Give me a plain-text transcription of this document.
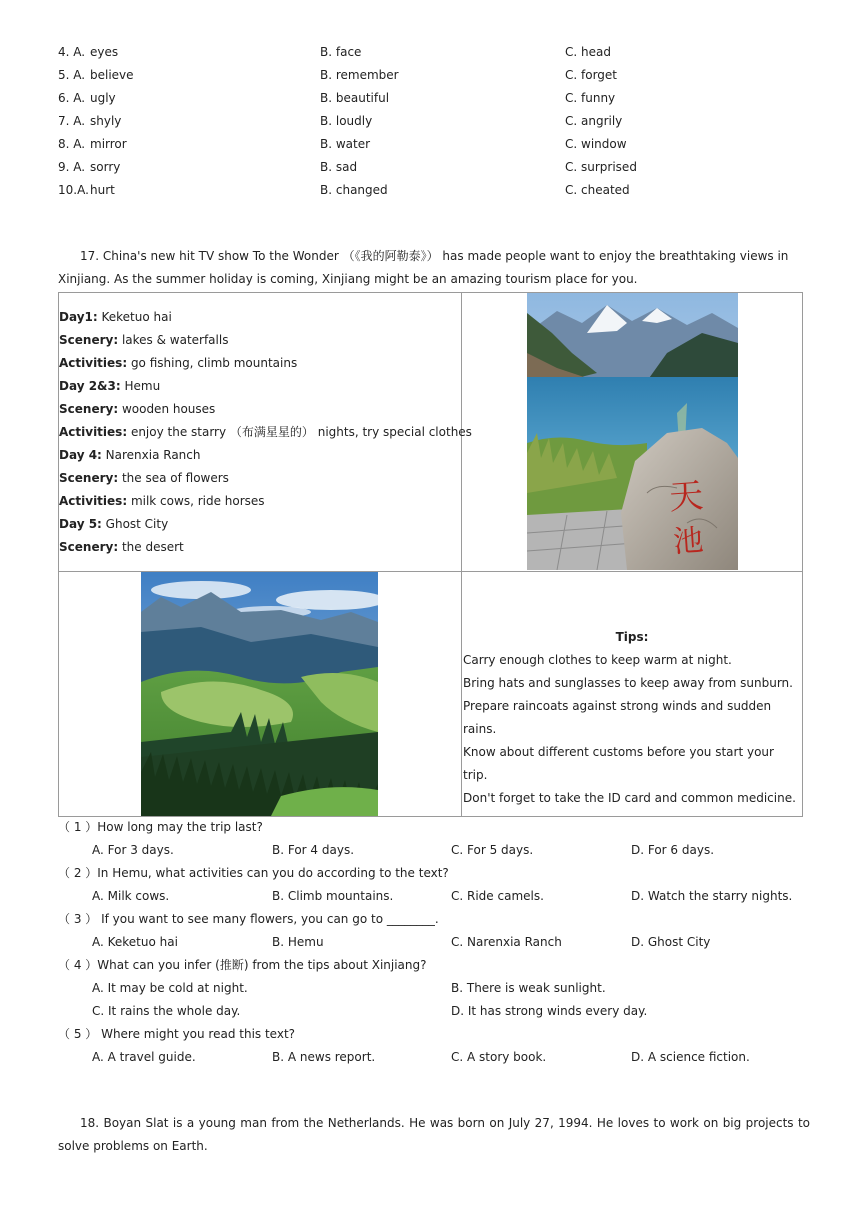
4. A. eyes	B. face	C. head
5. A. believe	B. remember	C. forget
6. A. ugly	B. beautiful	C. funny
7. A. shyly	B. loudly	C. angrily
8. A. mirror	B. water	C. window
9. A. sorry	B. sad	C. surprised
10.A. hurt	B. changed	C. cheated
17. China's new hit TV show To the Wonder （《我的阿勒泰》） has made people want to enjoy the breathtaking views in Xinjiang. As the summer holiday is coming, Xinjiang might be an amazing tourism place for you.
Day1: Keketuo hai
Scenery: lakes & waterfalls
Activities: go fishing, climb mountains
Day 2&3: Hemu
Scenery: wooden houses
Activities: enjoy the starry （布满星星的） nights, try special clothes
Day 4: Narenxia Ranch
Scenery: the sea of flowers
Activities: milk cows, ride horses
Day 5: Ghost City
Scenery: the desert
天
池
Tips:
Carry enough clothes to keep warm at night.
Bring hats and sunglasses to keep away from sunburn.
Prepare raincoats against strong winds and sudden rains.
Know about different customs before you start your trip.
Don't forget to take the ID card and common medicine.
（ 1 ）How long may the trip last?
A. For 3 days.	B. For 4 days.	C. For 5 days.	D. For 6 days.
（ 2 ）In Hemu, what activities can you do according to the text?
A. Milk cows.	B. Climb mountains.	C. Ride camels.	D. Watch the starry nights.
（ 3 ） If you want to see many flowers, you can go to ________.
A. Keketuo hai	B. Hemu	C. Narenxia Ranch	D. Ghost City
（ 4 ）What can you infer (推断) from the tips about Xinjiang?
A. It may be cold at night.	B. There is weak sunlight.
C. It rains the whole day.	D. It has strong winds every day.
（ 5 ） Where might you read this text?
A. A travel guide.	B. A news report.	C. A story book.	D. A science fiction.
18. Boyan Slat is a young man from the Netherlands. He was born on July 27, 1994. He loves to work on big projects to solve problems on Earth.
